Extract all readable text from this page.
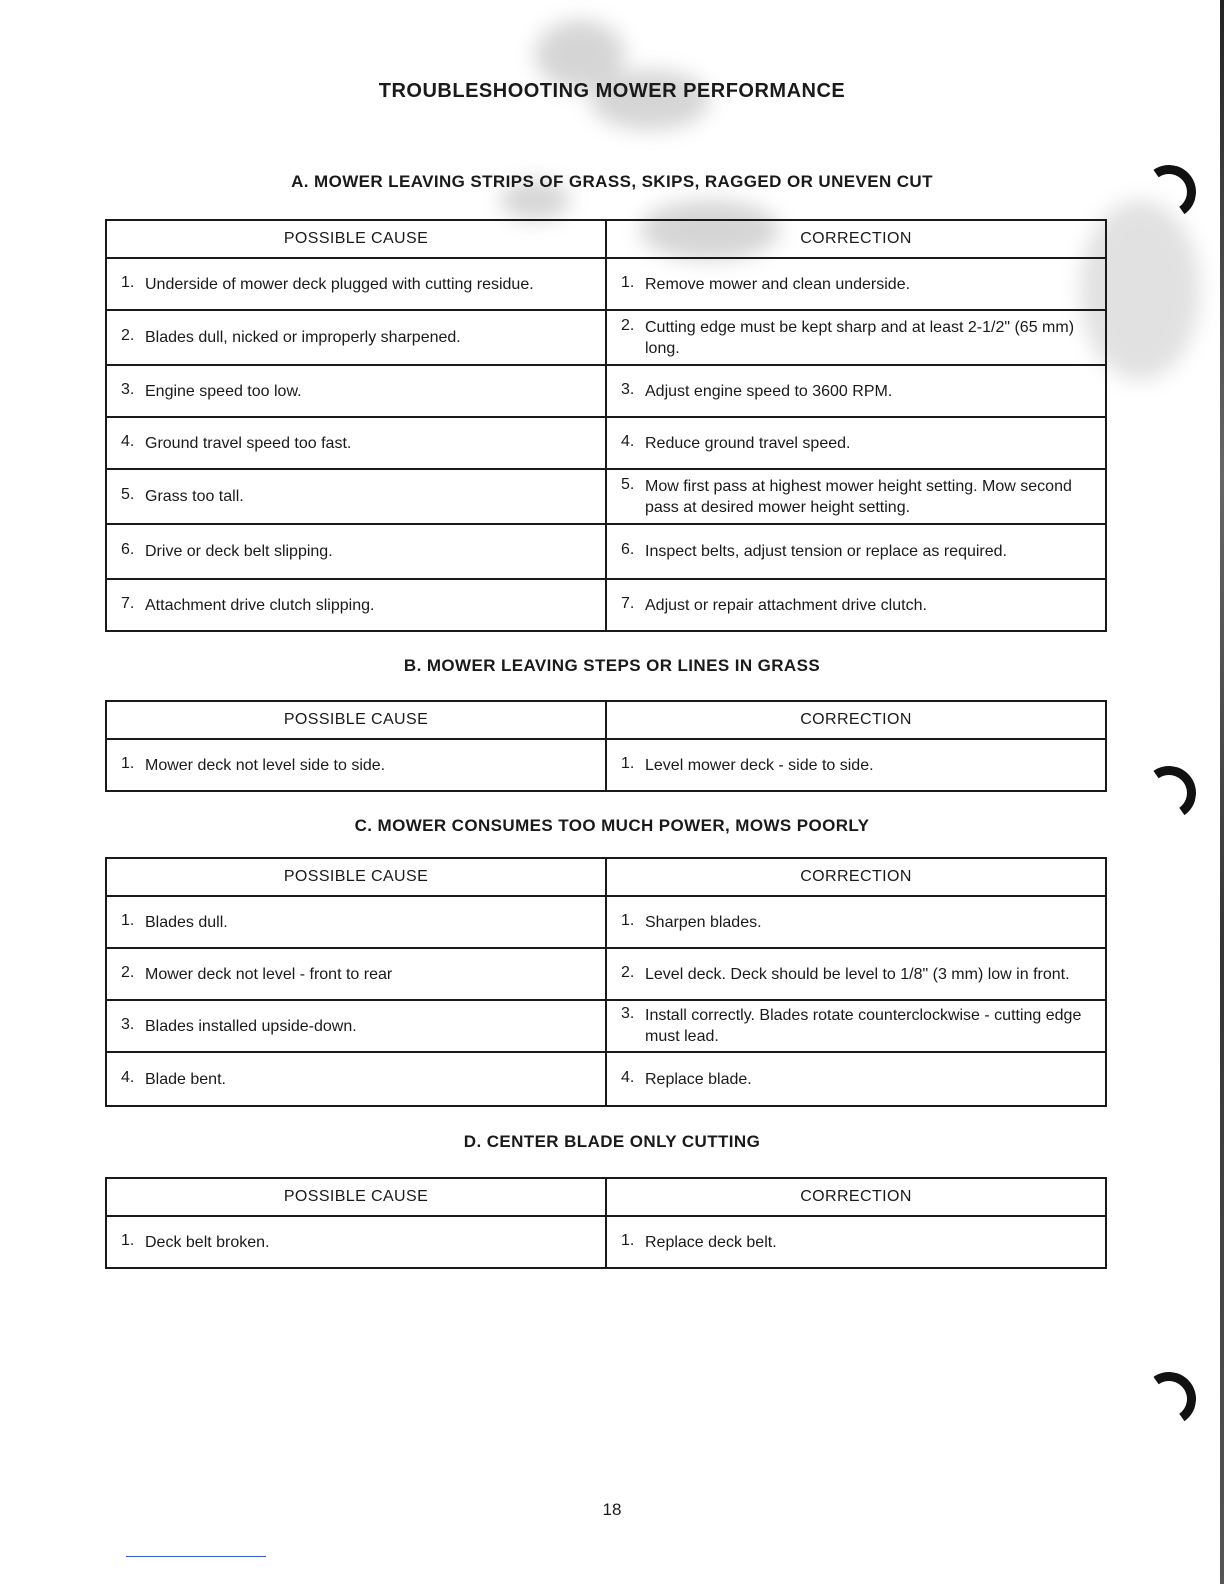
TROUBLESHOOTING MOWER PERFORMANCE
A. MOWER LEAVING STRIPS OF GRASS, SKIPS, RAGGED OR UNEVEN CUT
POSSIBLE CAUSE	CORRECTION
1. Underside of mower deck plugged with cutting residue.	1. Remove mower and clean underside.
2. Blades dull, nicked or improperly sharpened.	2. Cutting edge must be kept sharp and at least 2-1/2" (65 mm) long.
3. Engine speed too low.	3. Adjust engine speed to 3600 RPM.
4. Ground travel speed too fast.	4. Reduce ground travel speed.
5. Grass too tall.	5. Mow first pass at highest mower height setting. Mow second pass at desired mower height setting.
6. Drive or deck belt slipping.	6. Inspect belts, adjust tension or replace as required.
7. Attachment drive clutch slipping.	7. Adjust or repair attachment drive clutch.
B. MOWER LEAVING STEPS OR LINES IN GRASS
POSSIBLE CAUSE	CORRECTION
1. Mower deck not level side to side.	1. Level mower deck - side to side.
C. MOWER CONSUMES TOO MUCH POWER, MOWS POORLY
POSSIBLE CAUSE	CORRECTION
1. Blades dull.	1. Sharpen blades.
2. Mower deck not level - front to rear	2. Level deck. Deck should be level to 1/8" (3 mm) low in front.
3. Blades installed upside-down.	3. Install correctly. Blades rotate counterclockwise - cutting edge must lead.
4. Blade bent.	4. Replace blade.
D. CENTER BLADE ONLY CUTTING
POSSIBLE CAUSE	CORRECTION
1. Deck belt broken.	1. Replace deck belt.
18
